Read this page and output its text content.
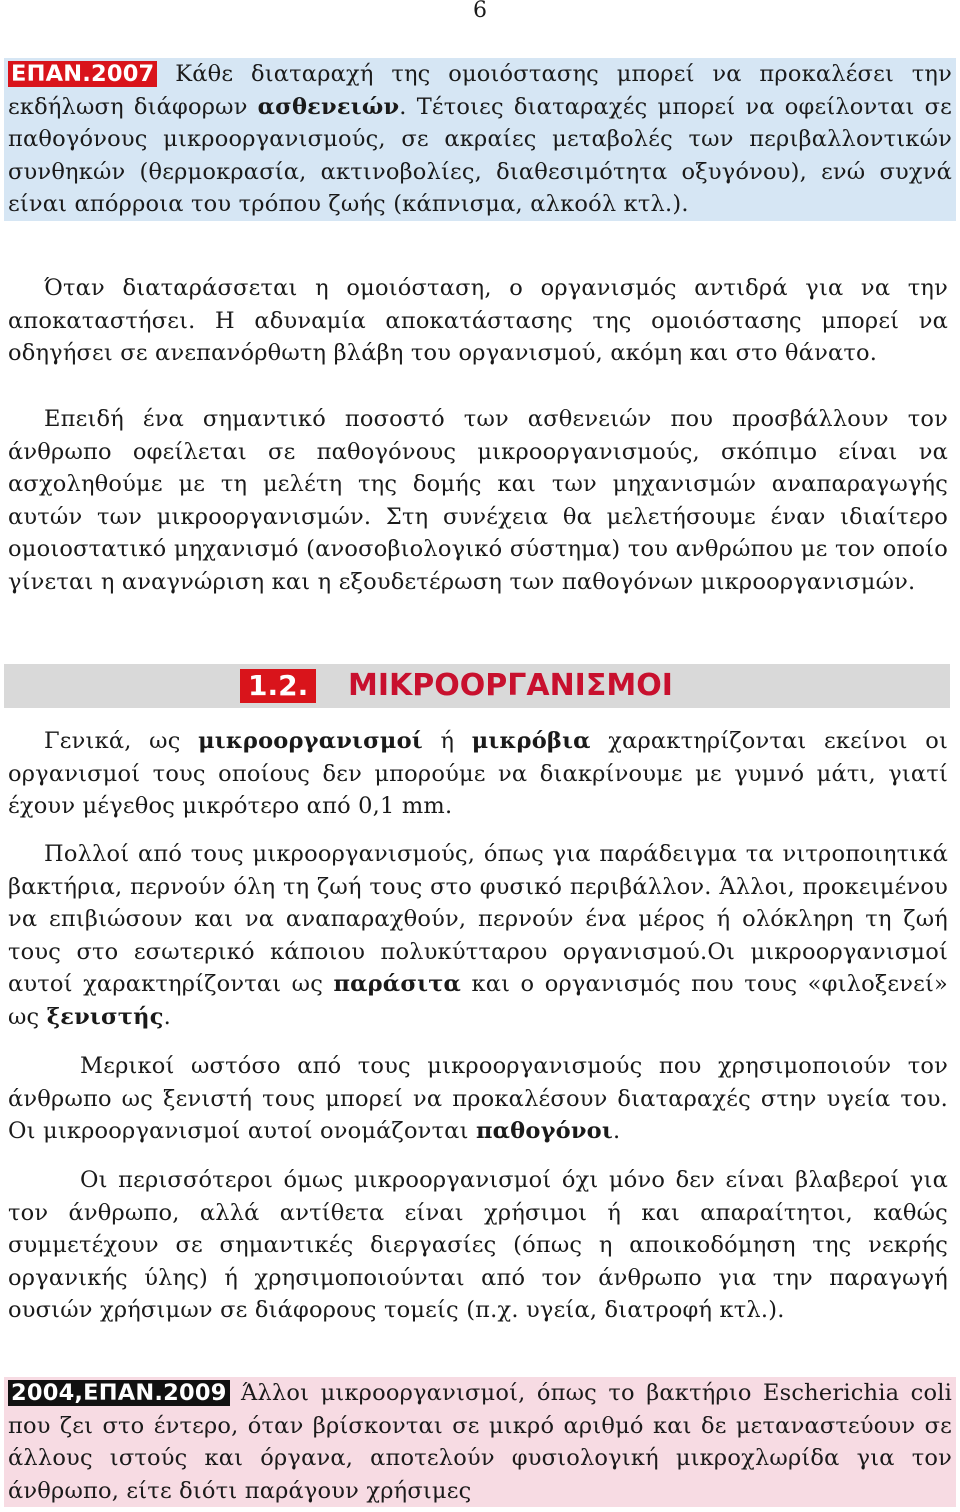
6

ΕΠΑΝ.2007 Κάθε διαταραχή της ομοιόστασης μπορεί να προκαλέσει την εκδήλωση διάφορων ασθενειών. Τέτοιες διαταραχές μπορεί να οφείλονται σε παθογόνους μικροοργανισμούς, σε ακραίες μεταβολές των περιβαλλοντικών συνθηκών (θερμοκρασία, ακτινοβολίες, διαθεσιμότητα οξυγόνου), ενώ συχνά είναι απόρροια του τρόπου ζωής (κάπνισμα, αλκοόλ κτλ.).

Όταν διαταράσσεται η ομοιόσταση, ο οργανισμός αντιδρά για να την αποκαταστήσει. Η αδυναμία αποκατάστασης της ομοιόστασης μπορεί να οδηγήσει σε ανεπανόρθωτη βλάβη του οργανισμού, ακόμη και στο θάνατο.

Επειδή ένα σημαντικό ποσοστό των ασθενειών που προσβάλλουν τον άνθρωπο οφείλεται σε παθογόνους μικροοργανισμούς, σκόπιμο είναι να ασχοληθούμε με τη μελέτη της δομής και των μηχανισμών αναπαραγωγής αυτών των μικροοργανισμών. Στη συνέχεια θα μελετήσουμε έναν ιδιαίτερο ομοιοστατικό μηχανισμό (ανοσοβιολογικό σύστημα) του ανθρώπου με τον οποίο γίνεται η αναγνώριση και η εξουδετέρωση των παθογόνων μικροοργανισμών.

1.2. ΜΙΚΡΟΟΡΓΑΝΙΣΜΟΙ

Γενικά, ως μικροοργανισμοί ή μικρόβια χαρακτηρίζονται εκείνοι οι οργανισμοί τους οποίους δεν μπορούμε να διακρίνουμε με γυμνό μάτι, γιατί έχουν μέγεθος μικρότερο από 0,1 mm.

Πολλοί από τους μικροοργανισμούς, όπως για παράδειγμα τα νιτροποιητικά βακτήρια, περνούν όλη τη ζωή τους στο φυσικό περιβάλλον. Άλλοι, προκειμένου να επιβιώσουν και να αναπαραχθούν, περνούν ένα μέρος ή ολόκληρη τη ζωή τους στο εσωτερικό κάποιου πολυκύτταρου οργανισμού.Οι μικροοργανισμοί αυτοί χαρακτηρίζονται ως παράσιτα και ο οργανισμός που τους «φιλοξενεί» ως ξενιστής.

Μερικοί ωστόσο από τους μικροοργανισμούς που χρησιμοποιούν τον άνθρωπο ως ξενιστή τους μπορεί να προκαλέσουν διαταραχές στην υγεία του. Οι μικροοργανισμοί αυτοί ονομάζονται παθογόνοι.

Οι περισσότεροι όμως μικροοργανισμοί όχι μόνο δεν είναι βλαβεροί για τον άνθρωπο, αλλά αντίθετα είναι χρήσιμοι ή και απαραίτητοι, καθώς συμμετέχουν σε σημαντικές διεργασίες (όπως η αποικοδόμηση της νεκρής οργανικής ύλης) ή χρησιμοποιούνται από τον άνθρωπο για την παραγωγή ουσιών χρήσιμων σε διάφορους τομείς (π.χ. υγεία, διατροφή κτλ.).

2004,ΕΠΑΝ.2009 Άλλοι μικροοργανισμοί, όπως το βακτήριο Escherichia coli που ζει στο έντερο, όταν βρίσκονται σε μικρό αριθμό και δε μεταναστεύουν σε άλλους ιστούς και όργανα, αποτελούν φυσιολογική μικροχλωρίδα για τον άνθρωπο, είτε διότι παράγουν χρήσιμες
